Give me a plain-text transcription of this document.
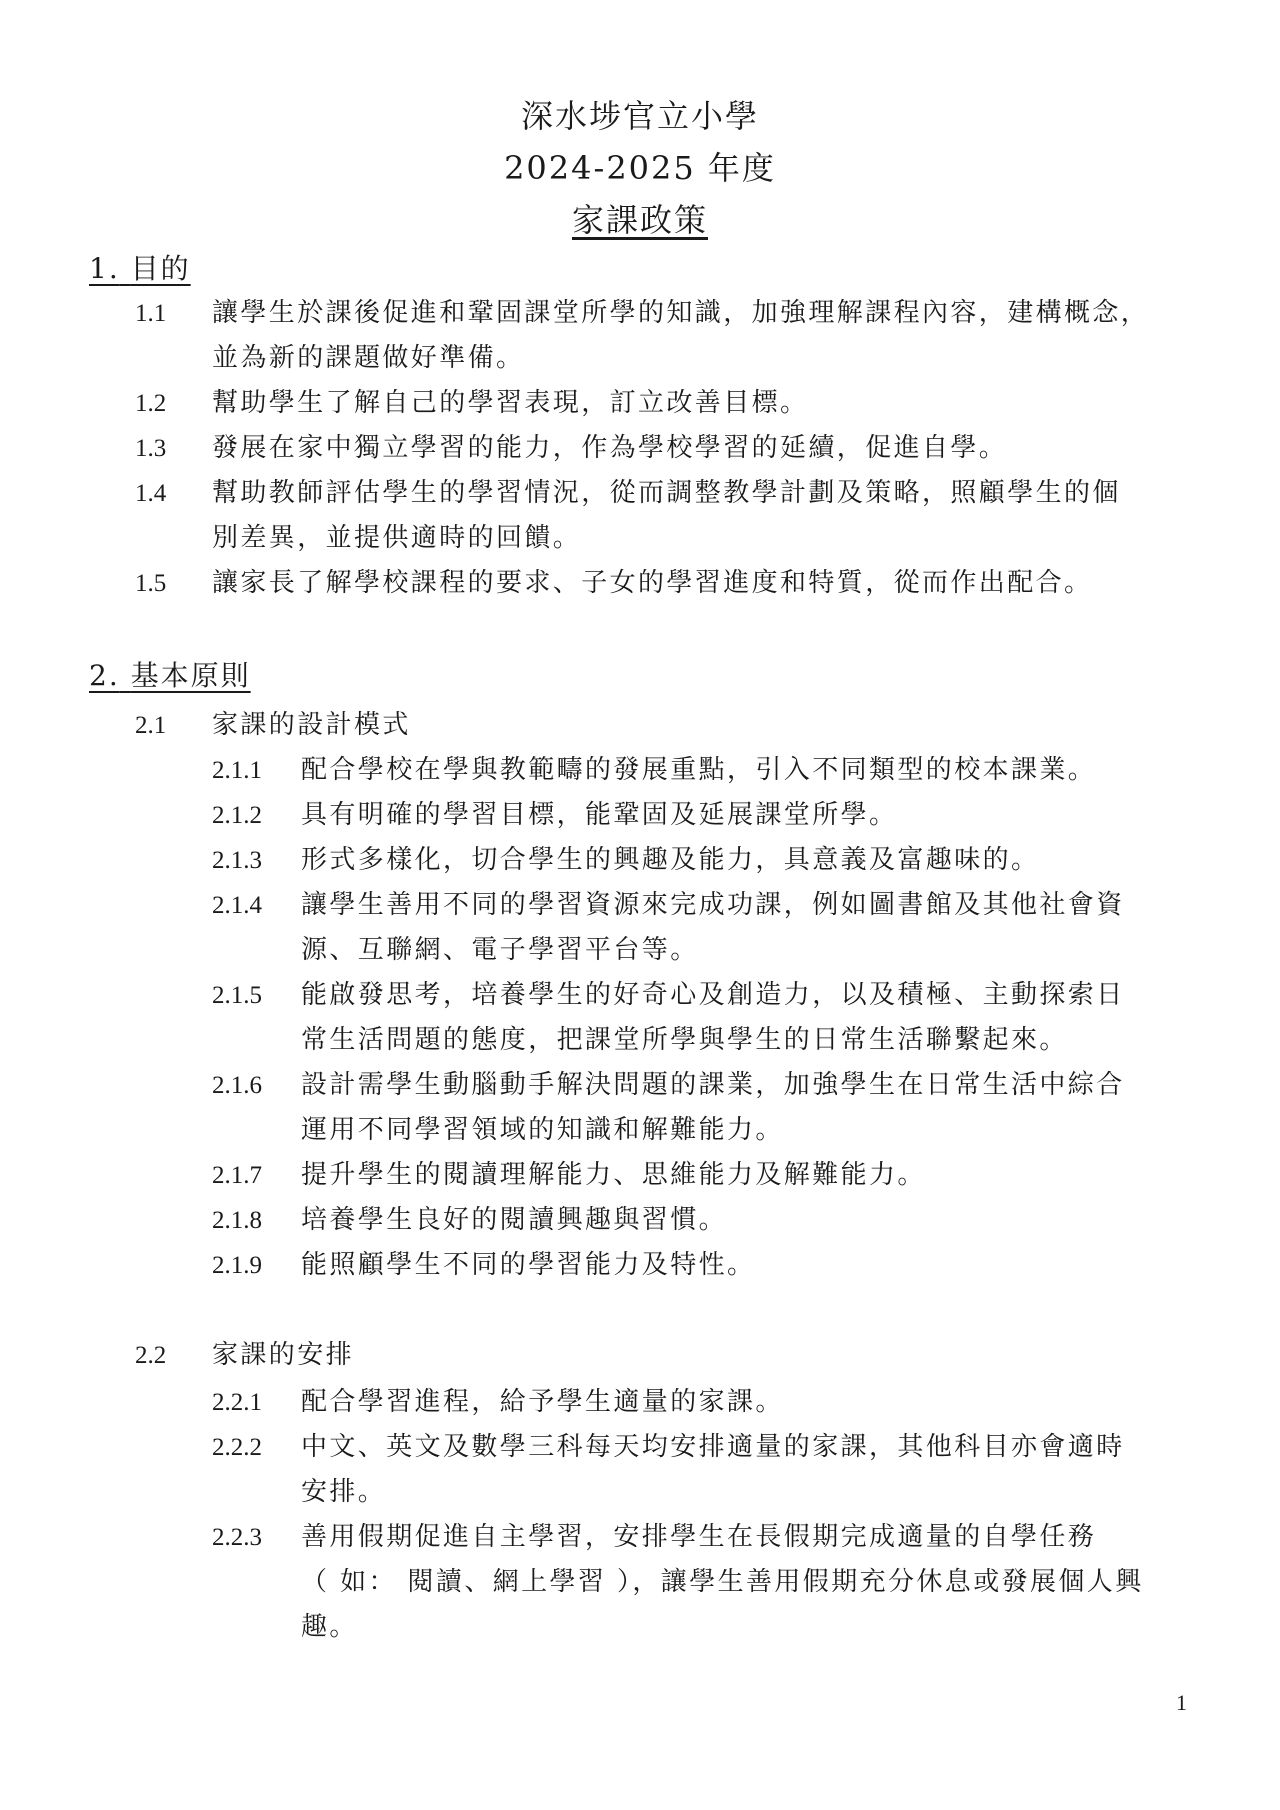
深水埗官立小學
2024-2025 年度
家課政策
1. 目的
1.1 讓學生於課後促進和鞏固課堂所學的知識，加強理解課程內容，建構概念，
並為新的課題做好準備。
1.2 幫助學生了解自己的學習表現，訂立改善目標。
1.3 發展在家中獨立學習的能力，作為學校學習的延續，促進自學。
1.4 幫助教師評估學生的學習情況，從而調整教學計劃及策略，照顧學生的個
別差異，並提供適時的回饋。
1.5 讓家長了解學校課程的要求、子女的學習進度和特質，從而作出配合。
2. 基本原則
2.1 家課的設計模式
2.1.1 配合學校在學與教範疇的發展重點，引入不同類型的校本課業。
2.1.2 具有明確的學習目標，能鞏固及延展課堂所學。
2.1.3 形式多樣化，切合學生的興趣及能力，具意義及富趣味的。
2.1.4 讓學生善用不同的學習資源來完成功課，例如圖書館及其他社會資
源、互聯網、電子學習平台等。
2.1.5 能啟發思考，培養學生的好奇心及創造力，以及積極、主動探索日
常生活問題的態度，把課堂所學與學生的日常生活聯繫起來。
2.1.6 設計需學生動腦動手解決問題的課業，加強學生在日常生活中綜合
運用不同學習領域的知識和解難能力。
2.1.7 提升學生的閱讀理解能力、思維能力及解難能力。
2.1.8 培養學生良好的閱讀興趣與習慣。
2.1.9 能照顧學生不同的學習能力及特性。
2.2 家課的安排
2.2.1 配合學習進程，給予學生適量的家課。
2.2.2 中文、英文及數學三科每天均安排適量的家課，其他科目亦會適時
安排。
2.2.3 善用假期促進自主學習，安排學生在長假期完成適量的自學任務
（ 如： 閱讀、網上學習 ），讓學生善用假期充分休息或發展個人興
趣。
1
